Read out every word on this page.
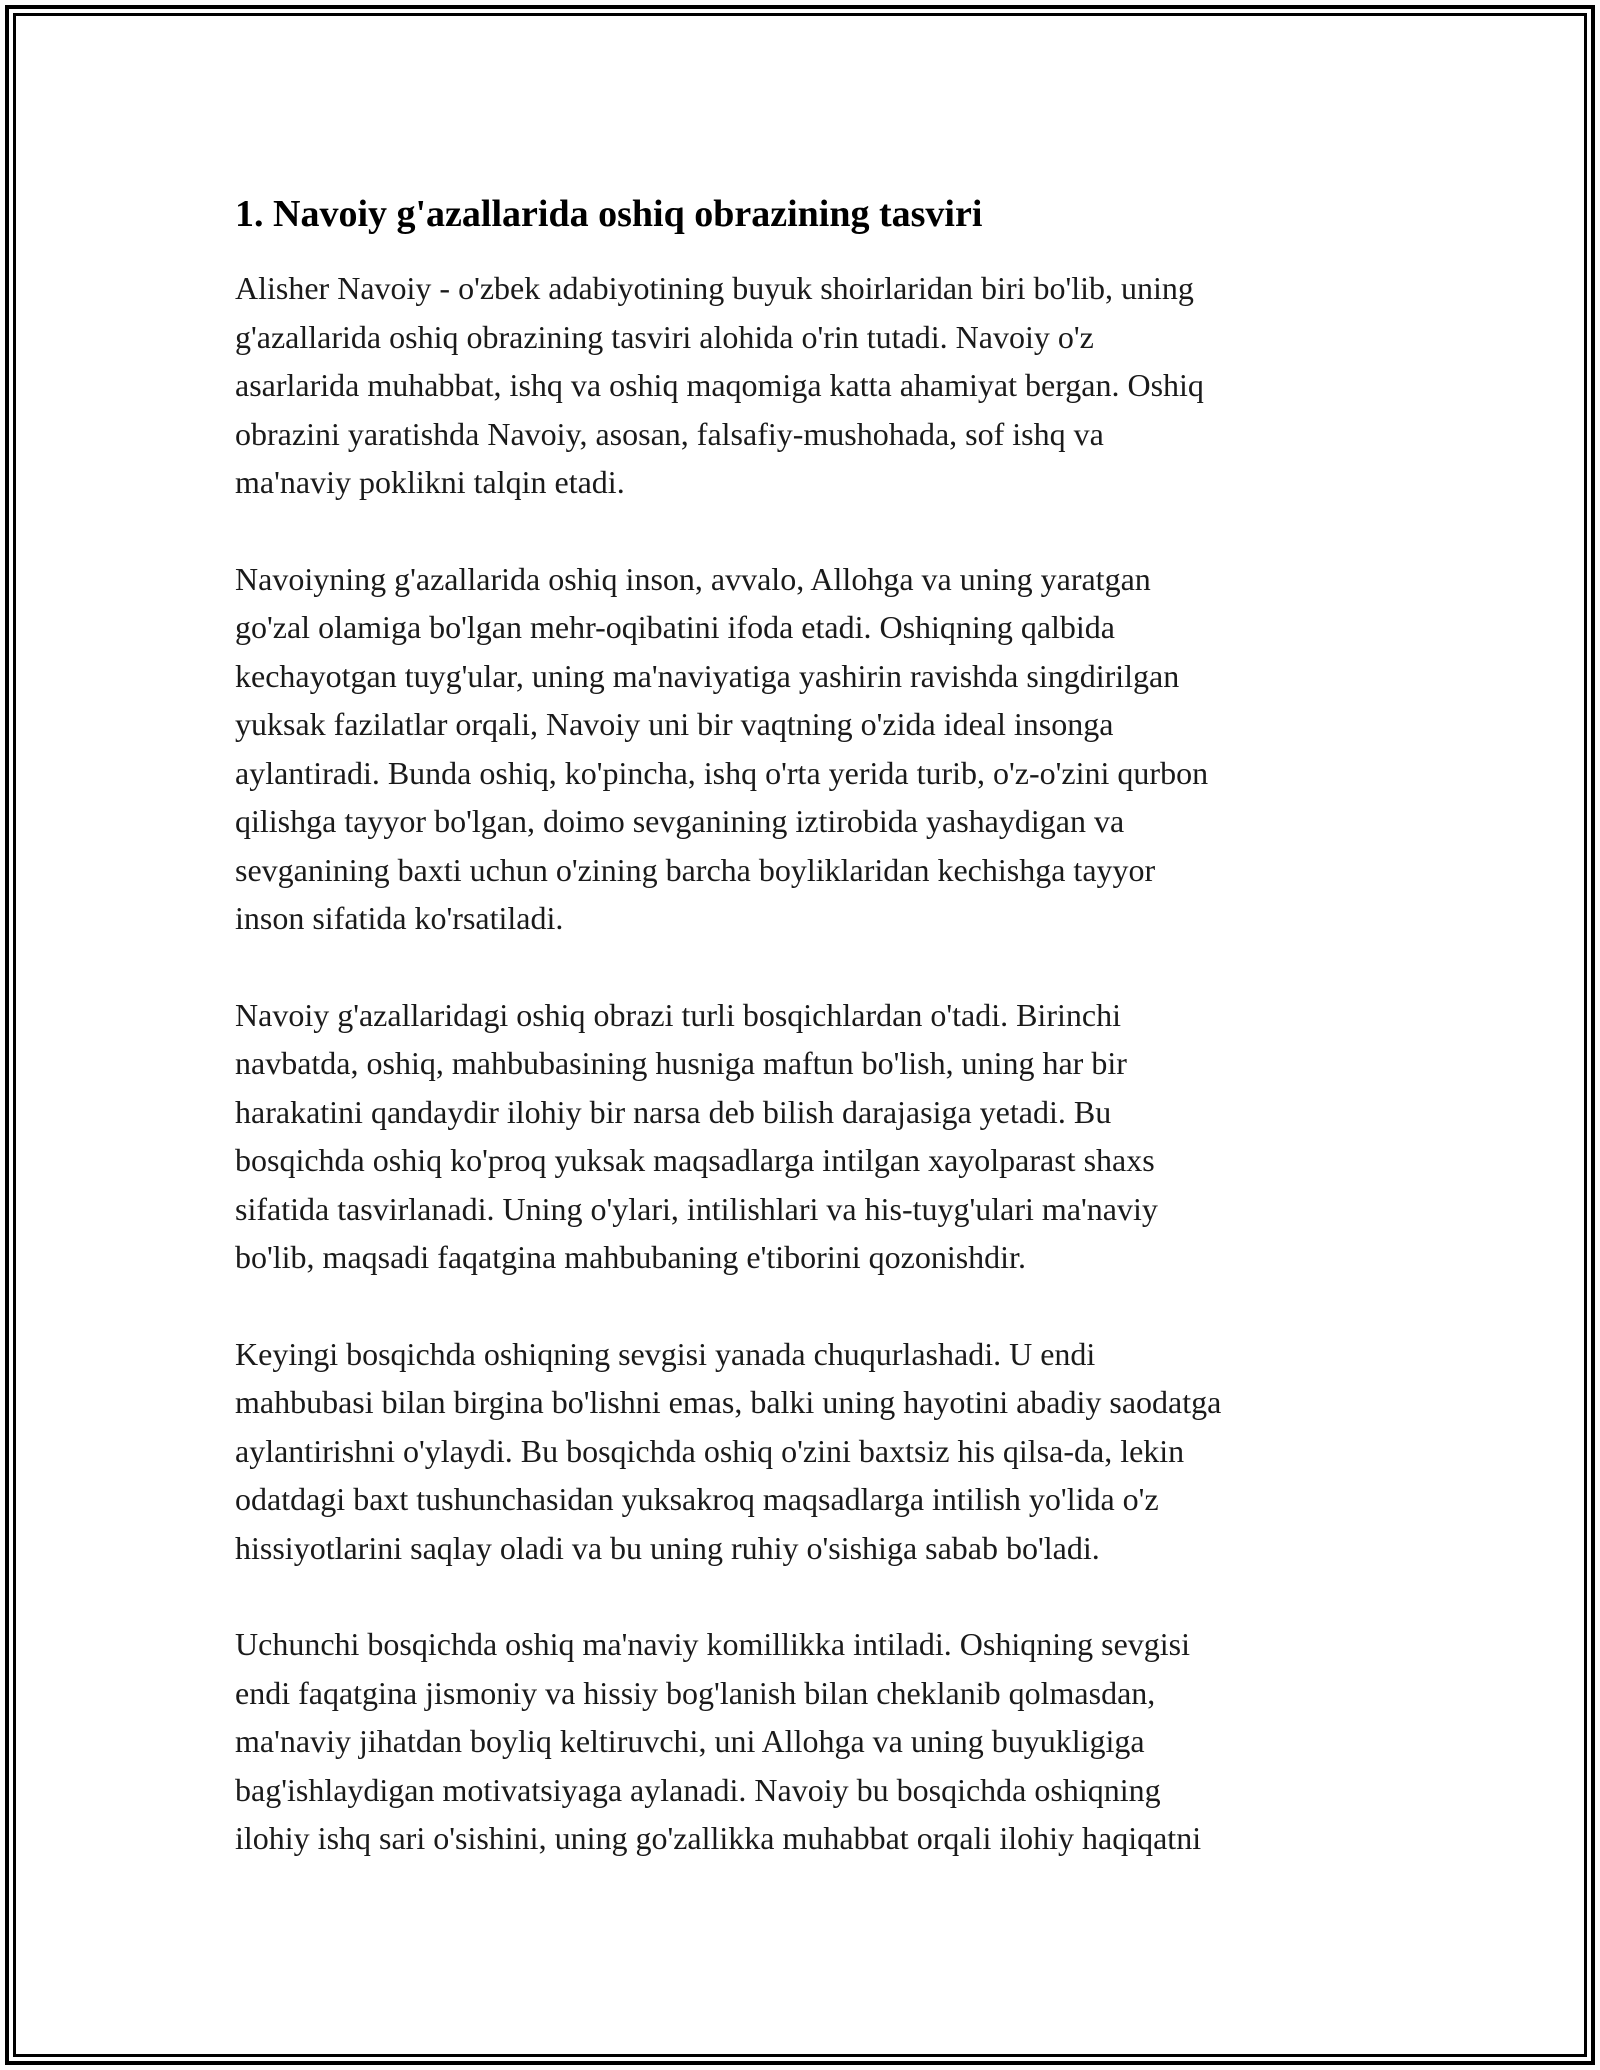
1. Navoiy g'azallarida oshiq obrazining tasviri

Alisher Navoiy - o'zbek adabiyotining buyuk shoirlaridan biri bo'lib, uning
g'azallarida oshiq obrazining tasviri alohida o'rin tutadi. Navoiy o'z
asarlarida muhabbat, ishq va oshiq maqomiga katta ahamiyat bergan. Oshiq
obrazini yaratishda Navoiy, asosan, falsafiy-mushohada, sof ishq va
ma'naviy poklikni talqin etadi.

Navoiyning g'azallarida oshiq inson, avvalo, Allohga va uning yaratgan
go'zal olamiga bo'lgan mehr-oqibatini ifoda etadi. Oshiqning qalbida
kechayotgan tuyg'ular, uning ma'naviyatiga yashirin ravishda singdirilgan
yuksak fazilatlar orqali, Navoiy uni bir vaqtning o'zida ideal insonga
aylantiradi. Bunda oshiq, ko'pincha, ishq o'rta yerida turib, o'z-o'zini qurbon
qilishga tayyor bo'lgan, doimo sevganining iztirobida yashaydigan va
sevganining baxti uchun o'zining barcha boyliklaridan kechishga tayyor
inson sifatida ko'rsatiladi.

Navoiy g'azallaridagi oshiq obrazi turli bosqichlardan o'tadi. Birinchi
navbatda, oshiq, mahbubasining husniga maftun bo'lish, uning har bir
harakatini qandaydir ilohiy bir narsa deb bilish darajasiga yetadi. Bu
bosqichda oshiq ko'proq yuksak maqsadlarga intilgan xayolparast shaxs
sifatida tasvirlanadi. Uning o'ylari, intilishlari va his-tuyg'ulari ma'naviy
bo'lib, maqsadi faqatgina mahbubaning e'tiborini qozonishdir.

Keyingi bosqichda oshiqning sevgisi yanada chuqurlashadi. U endi
mahbubasi bilan birgina bo'lishni emas, balki uning hayotini abadiy saodatga
aylantirishni o'ylaydi. Bu bosqichda oshiq o'zini baxtsiz his qilsa-da, lekin
odatdagi baxt tushunchasidan yuksakroq maqsadlarga intilish yo'lida o'z
hissiyotlarini saqlay oladi va bu uning ruhiy o'sishiga sabab bo'ladi.

Uchunchi bosqichda oshiq ma'naviy komillikka intiladi. Oshiqning sevgisi
endi faqatgina jismoniy va hissiy bog'lanish bilan cheklanib qolmasdan,
ma'naviy jihatdan boyliq keltiruvchi, uni Allohga va uning buyukligiga
bag'ishlaydigan motivatsiyaga aylanadi. Navoiy bu bosqichda oshiqning
ilohiy ishq sari o'sishini, uning go'zallikka muhabbat orqali ilohiy haqiqatni
